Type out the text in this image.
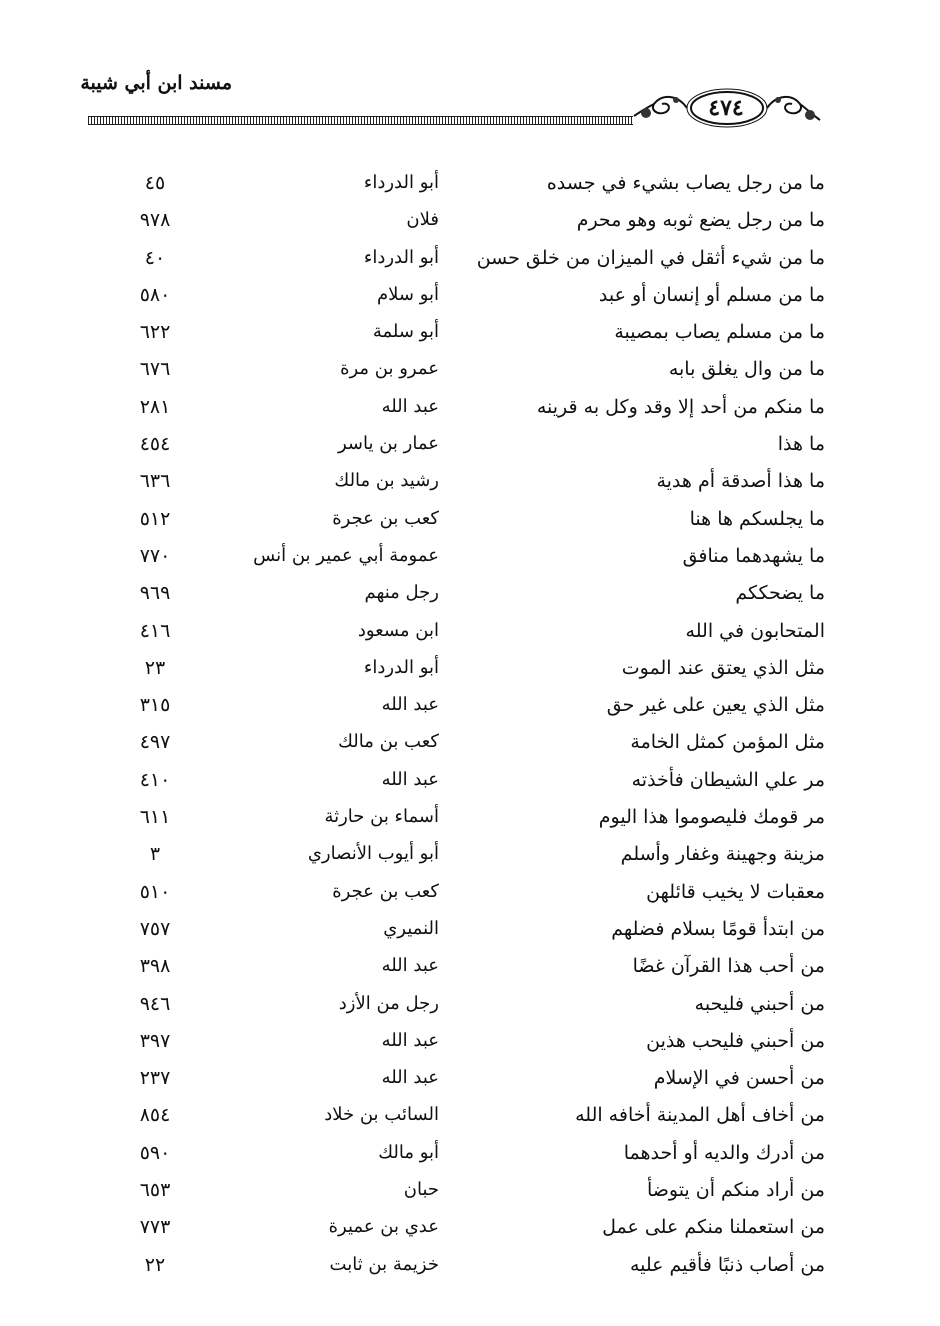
مسند ابن أبي شيبة
٤٧٤
ما من رجل يصاب بشيء في جسده
أبو الدرداء
٤٥
ما من رجل يضع ثوبه وهو محرم
فلان
٩٧٨
ما من شيء أثقل في الميزان من خلق حسن
أبو الدرداء
٤٠
ما من مسلم أو إنسان أو عبد
أبو سلام
٥٨٠
ما من مسلم يصاب بمصيبة
أبو سلمة
٦٢٢
ما من وال يغلق بابه
عمرو بن مرة
٦٧٦
ما منكم من أحد إلا وقد وكل به قرينه
عبد الله
٢٨١
ما هذا
عمار بن ياسر
٤٥٤
ما هذا أصدقة أم هدية
رشيد بن مالك
٦٣٦
ما يجلسكم ها هنا
كعب بن عجرة
٥١٢
ما يشهدهما منافق
عمومة أبي عمير بن أنس
٧٧٠
ما يضحككم
رجل منهم
٩٦٩
المتحابون في الله
ابن مسعود
٤١٦
مثل الذي يعتق عند الموت
أبو الدرداء
٢٣
مثل الذي يعين على غير حق
عبد الله
٣١٥
مثل المؤمن كمثل الخامة
كعب بن مالك
٤٩٧
مر علي الشيطان فأخذته
عبد الله
٤١٠
مر قومك فليصوموا هذا اليوم
أسماء بن حارثة
٦١١
مزينة وجهينة وغفار وأسلم
أبو أيوب الأنصاري
٣
معقبات لا يخيب قائلهن
كعب بن عجرة
٥١٠
من ابتدأ قومًا بسلام فضلهم
النميري
٧٥٧
من أحب هذا القرآن غضًا
عبد الله
٣٩٨
من أحبني فليحبه
رجل من الأزد
٩٤٦
من أحبني فليحب هذين
عبد الله
٣٩٧
من أحسن في الإسلام
عبد الله
٢٣٧
من أخاف أهل المدينة أخافه الله
السائب بن خلاد
٨٥٤
من أدرك والديه أو أحدهما
أبو مالك
٥٩٠
من أراد منكم أن يتوضأ
حبان
٦٥٣
من استعملنا منكم على عمل
عدي بن عميرة
٧٧٣
من أصاب ذنبًا فأقيم عليه
خزيمة بن ثابت
٢٢
